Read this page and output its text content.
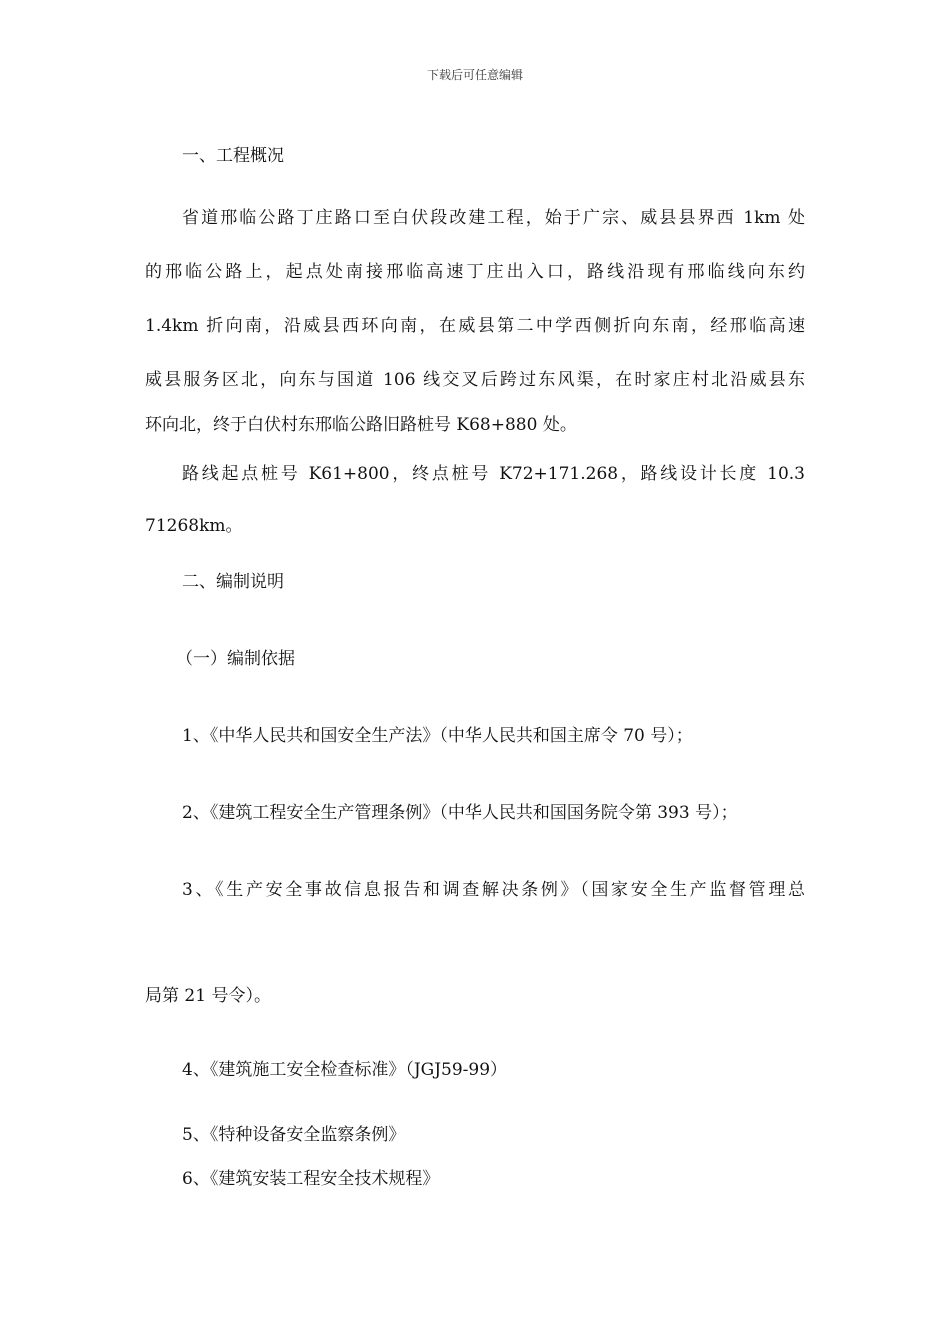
下载后可任意编辑
一、工程概况
省道邢临公路丁庄路口至白伏段改建工程，始于广宗、威县县界西 1km 处
的邢临公路上，起点处南接邢临高速丁庄出入口，路线沿现有邢临线向东约
1.4km 折向南，沿威县西环向南，在威县第二中学西侧折向东南，经邢临高速
威县服务区北，向东与国道 106 线交叉后跨过东风渠，在时家庄村北沿威县东
环向北，终于白伏村东邢临公路旧路桩号 K68+880 处。
路线起点桩号 K61+800，终点桩号 K72+171.268，路线设计长度 10.3
71268km。
二、编制说明
（一）编制依据
1、《中华人民共和国安全生产法》（中华人民共和国主席令 70 号）；
2、《建筑工程安全生产管理条例》（中华人民共和国国务院令第 393 号）；
3、《生产安全事故信息报告和调查解决条例》（国家安全生产监督管理总
局第 21 号令）。
4、《建筑施工安全检查标准》（JGJ59-99）
5、《特种设备安全监察条例》
6、《建筑安装工程安全技术规程》
